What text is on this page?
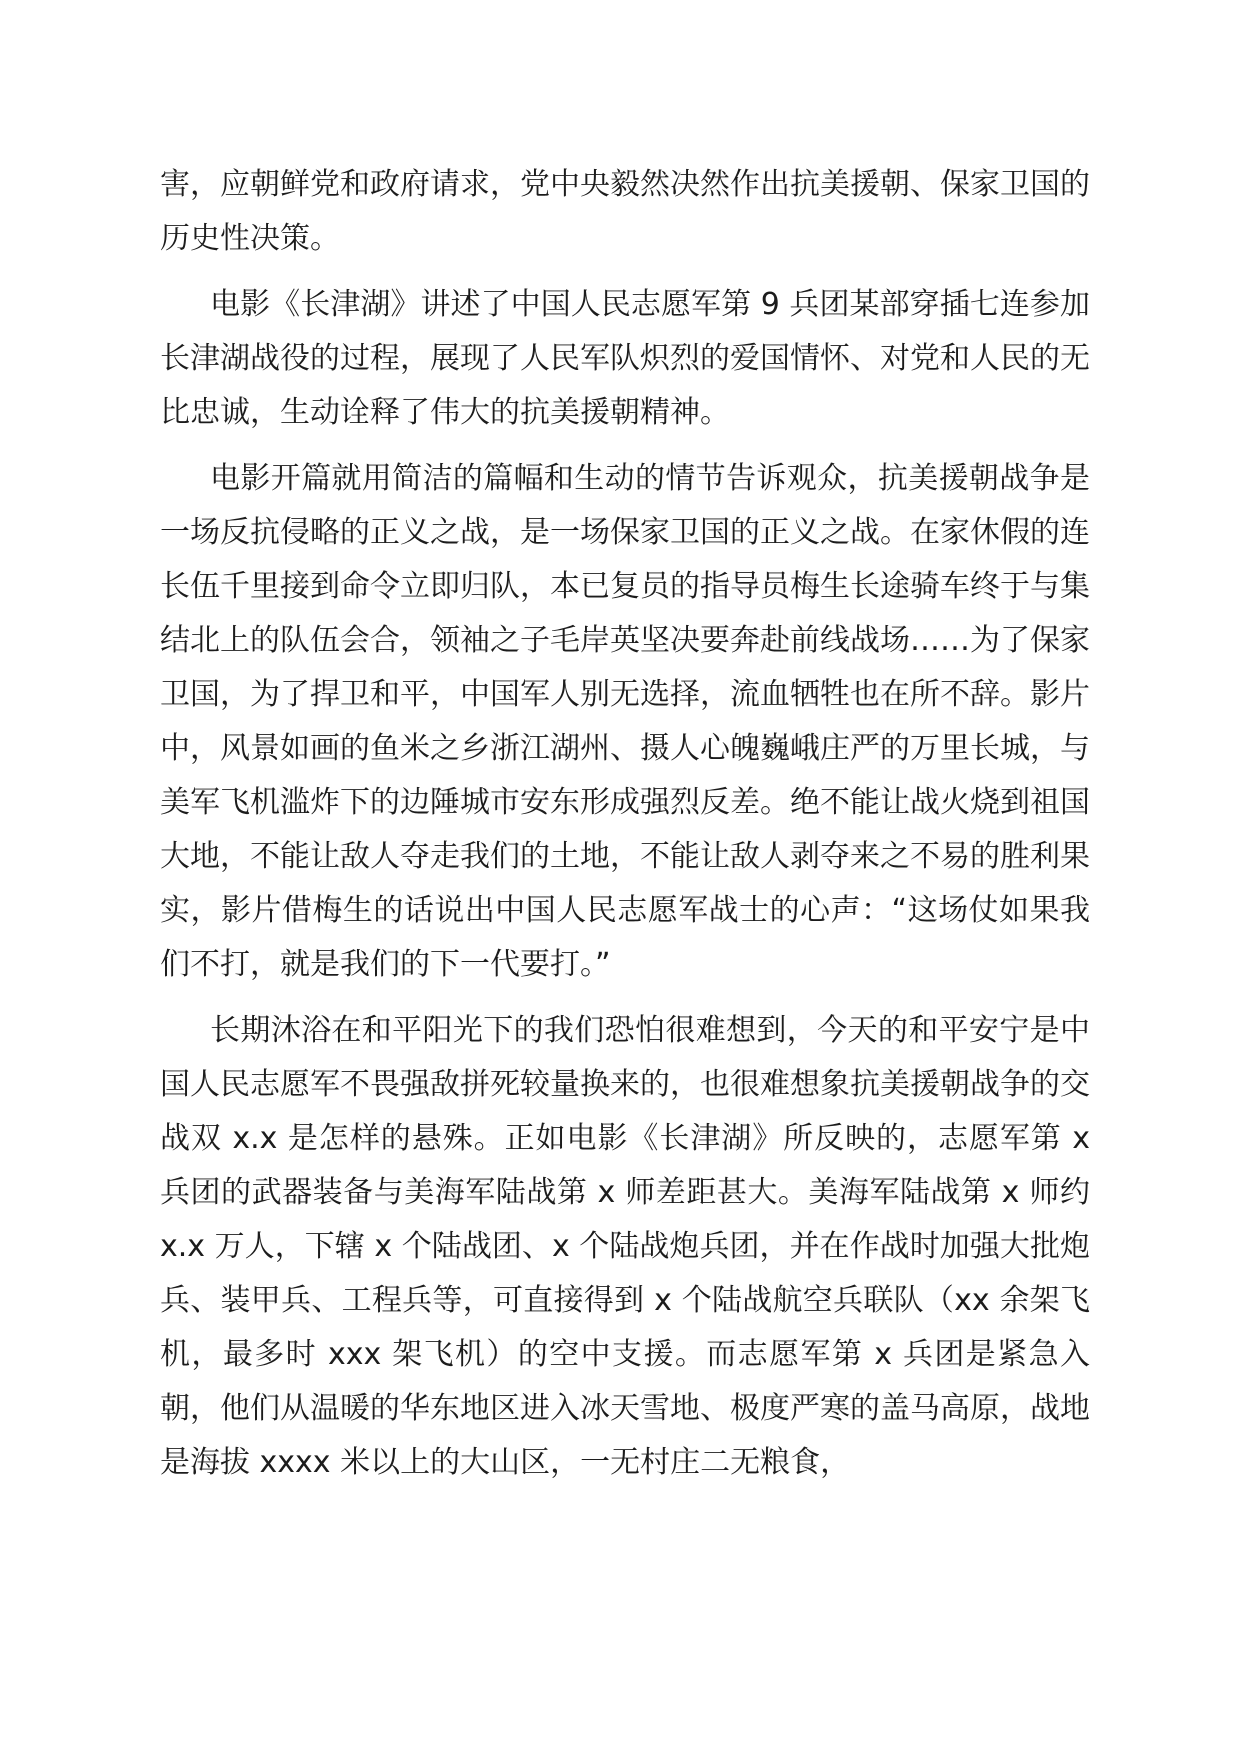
害，应朝鲜党和政府请求，党中央毅然决然作出抗美援朝、保家卫国的历史性决策。

电影《长津湖》讲述了中国人民志愿军第 9 兵团某部穿插七连参加长津湖战役的过程，展现了人民军队炽烈的爱国情怀、对党和人民的无比忠诚，生动诠释了伟大的抗美援朝精神。

电影开篇就用简洁的篇幅和生动的情节告诉观众，抗美援朝战争是一场反抗侵略的正义之战，是一场保家卫国的正义之战。在家休假的连长伍千里接到命令立即归队，本已复员的指导员梅生长途骑车终于与集结北上的队伍会合，领袖之子毛岸英坚决要奔赴前线战场……为了保家卫国，为了捍卫和平，中国军人别无选择，流血牺牲也在所不辞。影片中，风景如画的鱼米之乡浙江湖州、摄人心魄巍峨庄严的万里长城，与美军飞机滥炸下的边陲城市安东形成强烈反差。绝不能让战火烧到祖国大地，不能让敌人夺走我们的土地，不能让敌人剥夺来之不易的胜利果实，影片借梅生的话说出中国人民志愿军战士的心声：“这场仗如果我们不打，就是我们的下一代要打。”

长期沐浴在和平阳光下的我们恐怕很难想到，今天的和平安宁是中国人民志愿军不畏强敌拼死较量换来的，也很难想象抗美援朝战争的交战双 x.x 是怎样的悬殊。正如电影《长津湖》所反映的，志愿军第 x 兵团的武器装备与美海军陆战第 x 师差距甚大。美海军陆战第 x 师约 x.x 万人，下辖 x 个陆战团、x 个陆战炮兵团，并在作战时加强大批炮兵、装甲兵、工程兵等，可直接得到 x 个陆战航空兵联队（xx 余架飞机，最多时 xxx 架飞机）的空中支援。而志愿军第 x 兵团是紧急入朝，他们从温暖的华东地区进入冰天雪地、极度严寒的盖马高原，战地是海拔 xxxx 米以上的大山区，一无村庄二无粮食，
